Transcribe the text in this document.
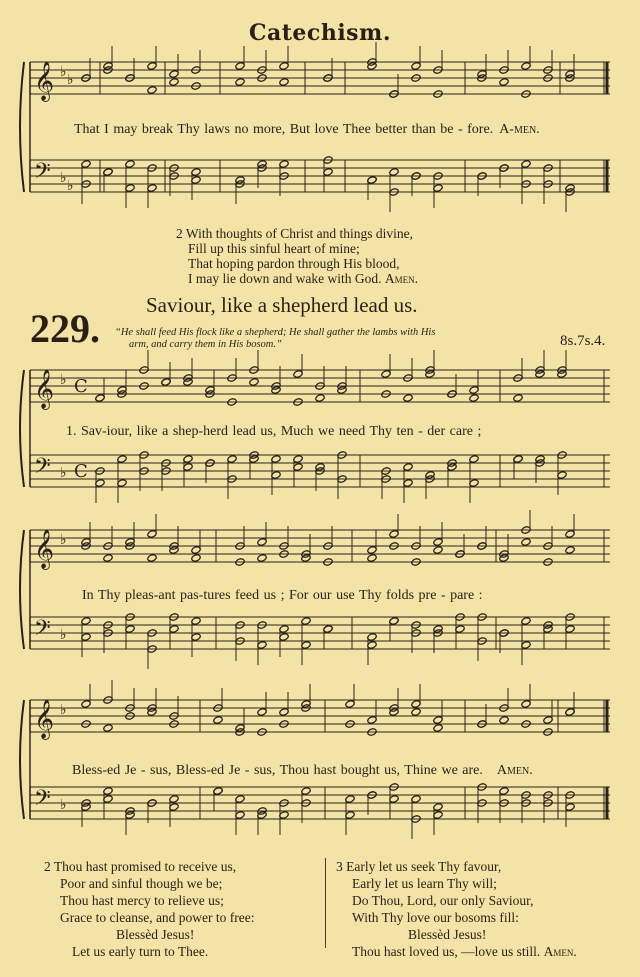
Catechism.
𝄞 ♭ ♭
𝄢 ♭ ♭
𝄞 ♭ C
𝄢 ♭ C
𝄞 ♭
𝄢 ♭
𝄞 ♭
𝄢 ♭
That I may break Thy laws no more, But love Thee better than be - fore. A-men.
2 With thoughts of Christ and things divine,
Fill up this sinful heart of mine;
That hoping pardon through His blood,
I may lie down and wake with God. Amen.
229.
Saviour, like a shepherd lead us.
“He shall feed His flock like a shepherd; He shall gather the lambs with His
arm, and carry them in His bosom.”	8s.7s.4.
1. Sav-iour, like a shep-herd lead us, Much we need Thy ten - der care ;
In Thy pleas-ant pas-tures feed us ; For our use Thy folds pre - pare :
Bless-ed Je - sus, Bless-ed Je - sus, Thou hast bought us, Thine we are. Amen.
2 Thou hast promised to receive us,
Poor and sinful though we be;
Thou hast mercy to relieve us;
Grace to cleanse, and power to free:
Blessèd Jesus!
Let us early turn to Thee.
3 Early let us seek Thy favour,
Early let us learn Thy will;
Do Thou, Lord, our only Saviour,
With Thy love our bosoms fill:
Blessèd Jesus!
Thou hast loved us, —love us still. Amen.
